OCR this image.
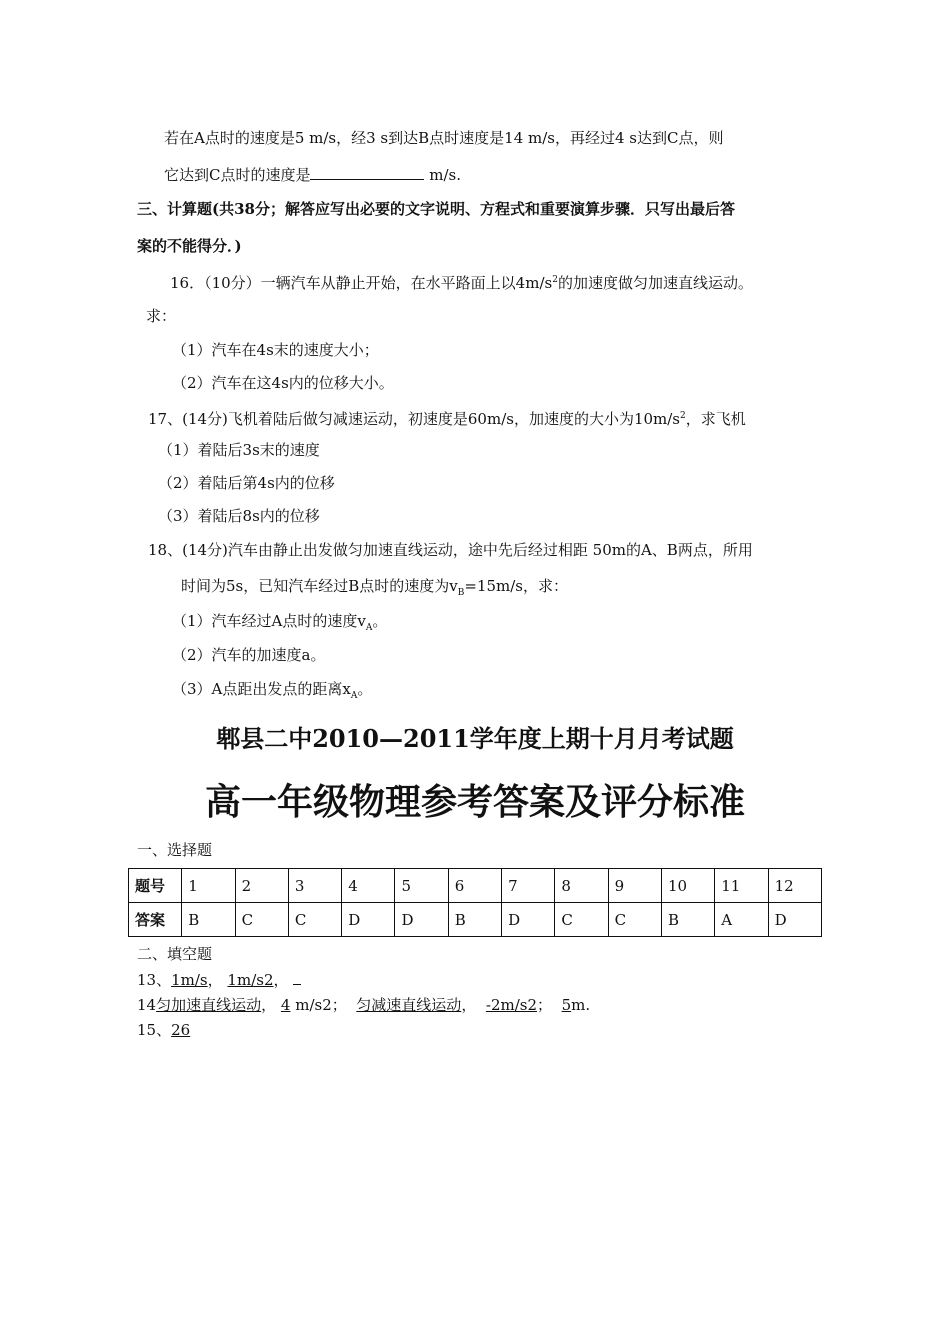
若在A点时的速度是5 m/s，经3 s到达B点时速度是14 m/s，再经过4 s达到C点，则
它达到C点时的速度是	m/s.
三、计算题(共38分；解答应写出必要的文字说明、方程式和重要演算步骤．只写出最后答
案的不能得分．)
16．（10分）一辆汽车从静止开始，在水平路面上以$4m/s^2$的加速度做匀加速直线运动。
求：
（1）汽车在4s末的速度大小；
（2）汽车在这4s内的位移大小。
17、(14分)飞机着陆后做匀减速运动，初速度是60m/s，加速度的大小为$10m/s^2$，求飞机
（1）着陆后3s末的速度
（2）着陆后第4s内的位移
（3）着陆后8s内的位移
18、(14分)汽车由静止出发做匀加速直线运动，途中先后经过相距 50m的A、B两点，所用
时间为5s，已知汽车经过B点时的速度为$v_B=15m/s$，求：
（1）汽车经过A点时的速度$v_A$。
（2）汽车的加速度a。
（3）A点距出发点的距离$x_A$。
郫县二中2010—2011学年度上期十月月考试题
高一年级物理参考答案及评分标准
一、选择题
题号	1	2	3	4	5	6	7	8	9	10	11	12
答案	B	C	C	D	D	B	D	C	C	B	A	D
二、填空题
13、1m/s， 1m/s2，
14匀加速直线运动， 4 m/s2； 匀减速直线运动， -2m/s2； 5m.
15、26
